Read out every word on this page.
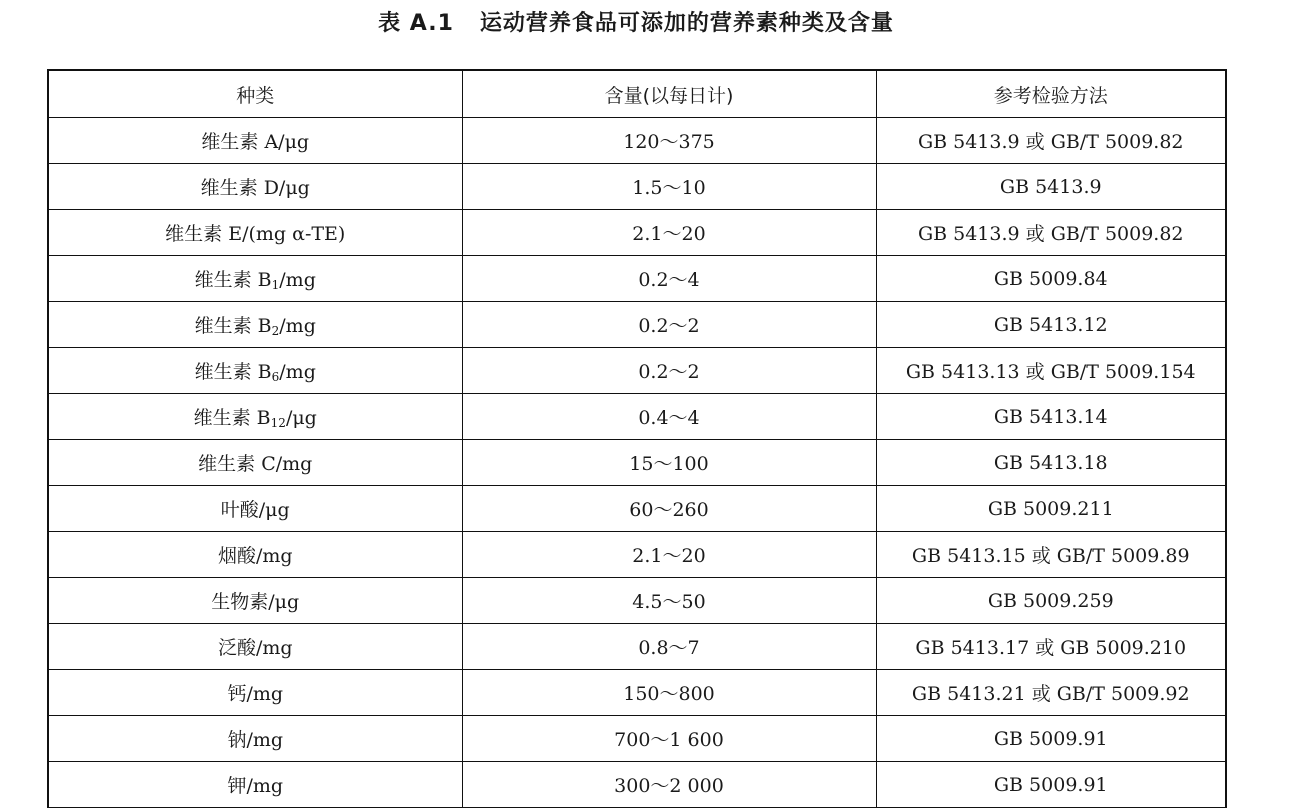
表 A.1   运动营养食品可添加的营养素种类及含量
种类	含量(以每日计)	参考检验方法
维生素 A/μg	120～375	GB 5413.9 或 GB/T 5009.82
维生素 D/μg	1.5～10	GB 5413.9
维生素 E/(mg α-TE)	2.1～20	GB 5413.9 或 GB/T 5009.82
维生素 $B_1/mg$	0.2～4	GB 5009.84
维生素 $B_2/mg$	0.2～2	GB 5413.12
维生素 $B_6/mg$	0.2～2	GB 5413.13 或 GB/T 5009.154
维生素 $B_{12}/\mu g$	0.4～4	GB 5413.14
维生素 C/mg	15～100	GB 5413.18
叶酸/μg	60～260	GB 5009.211
烟酸/mg	2.1～20	GB 5413.15 或 GB/T 5009.89
生物素/μg	4.5～50	GB 5009.259
泛酸/mg	0.8～7	GB 5413.17 或 GB 5009.210
钙/mg	150～800	GB 5413.21 或 GB/T 5009.92
钠/mg	700～1 600	GB 5009.91
钾/mg	300～2 000	GB 5009.91
